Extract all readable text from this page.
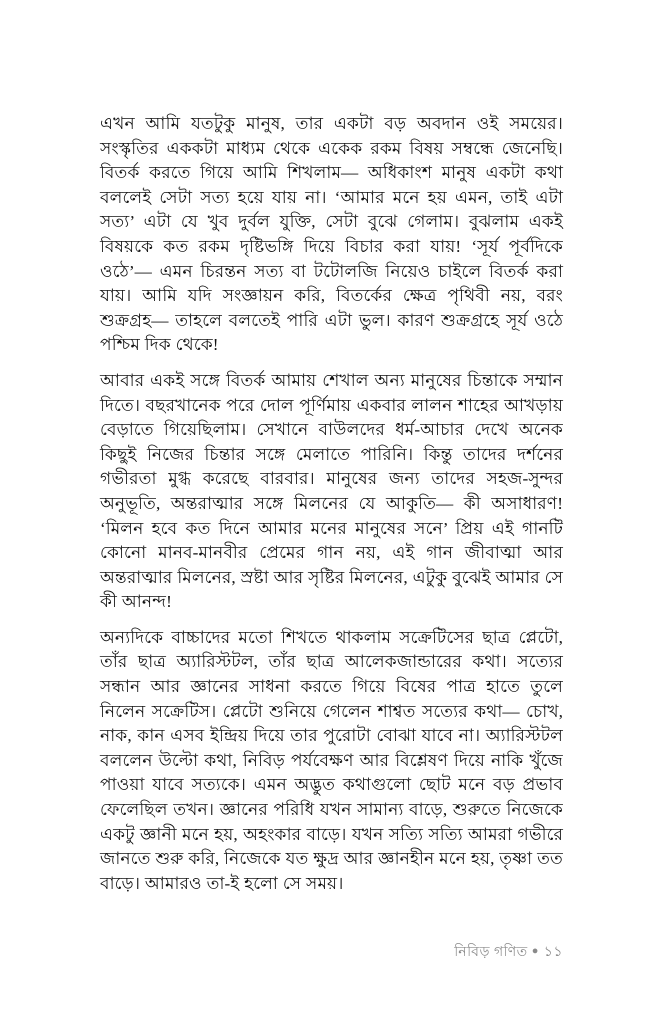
এখন আমি যতটুকু মানুষ, তার একটা বড় অবদান ওই সময়ের। সংস্কৃতির এককটা মাধ্যম থেকে একেক রকম বিষয় সম্বন্ধে জেনেছি। বিতর্ক করতে গিয়ে আমি শিখলাম— অধিকাংশ মানুষ একটা কথা বললেই সেটা সত্য হয়ে যায় না। ‘আমার মনে হয় এমন, তাই এটা সত্য’ এটা যে খুব দুর্বল যুক্তি, সেটা বুঝে গেলাম। বুঝলাম একই বিষয়কে কত রকম দৃষ্টিভঙ্গি দিয়ে বিচার করা যায়! ‘সূর্য পূর্বদিকে ওঠে’— এমন চিরন্তন সত্য বা টটোলজি নিয়েও চাইলে বিতর্ক করা যায়। আমি যদি সংজ্ঞায়ন করি, বিতর্কের ক্ষেত্র পৃথিবী নয়, বরং শুক্রগ্রহ— তাহলে বলতেই পারি এটা ভুল। কারণ শুক্রগ্রহে সূর্য ওঠে পশ্চিম দিক থেকে!

আবার একই সঙ্গে বিতর্ক আমায় শেখাল অন্য মানুষের চিন্তাকে সম্মান দিতে। বছরখানেক পরে দোল পূর্ণিমায় একবার লালন শাহের আখড়ায় বেড়াতে গিয়েছিলাম। সেখানে বাউলদের ধর্ম-আচার দেখে অনেক কিছুই নিজের চিন্তার সঙ্গে মেলাতে পারিনি। কিন্তু তাদের দর্শনের গভীরতা মুগ্ধ করেছে বারবার। মানুষের জন্য তাদের সহজ-সুন্দর অনুভূতি, অন্তরাত্মার সঙ্গে মিলনের যে আকুতি— কী অসাধারণ! ‘মিলন হবে কত দিনে আমার মনের মানুষের সনে’ প্রিয় এই গানটি কোনো মানব-মানবীর প্রেমের গান নয়, এই গান জীবাত্মা আর অন্তরাত্মার মিলনের, স্রষ্টা আর সৃষ্টির মিলনের, এটুকু বুঝেই আমার সে কী আনন্দ!

অন্যদিকে বাচ্চাদের মতো শিখতে থাকলাম সক্রেটিসের ছাত্র প্লেটো, তাঁর ছাত্র অ্যারিস্টটল, তাঁর ছাত্র আলেকজান্ডারের কথা। সত্যের সন্ধান আর জ্ঞানের সাধনা করতে গিয়ে বিষের পাত্র হাতে তুলে নিলেন সক্রেটিস। প্লেটো শুনিয়ে গেলেন শাশ্বত সত্যের কথা— চোখ, নাক, কান এসব ইন্দ্রিয় দিয়ে তার পুরোটা বোঝা যাবে না। অ্যারিস্টটল বললেন উল্টো কথা, নিবিড় পর্যবেক্ষণ আর বিশ্লেষণ দিয়ে নাকি খুঁজে পাওয়া যাবে সত্যকে। এমন অদ্ভুত কথাগুলো ছোট মনে বড় প্রভাব ফেলেছিল তখন। জ্ঞানের পরিধি যখন সামান্য বাড়ে, শুরুতে নিজেকে একটু জ্ঞানী মনে হয়, অহংকার বাড়ে। যখন সত্যি সত্যি আমরা গভীরে জানতে শুরু করি, নিজেকে যত ক্ষুদ্র আর জ্ঞানহীন মনে হয়, তৃষ্ণা তত বাড়ে। আমারও তা-ই হলো সে সময়।

নিবিড় গণিত ● ১১
